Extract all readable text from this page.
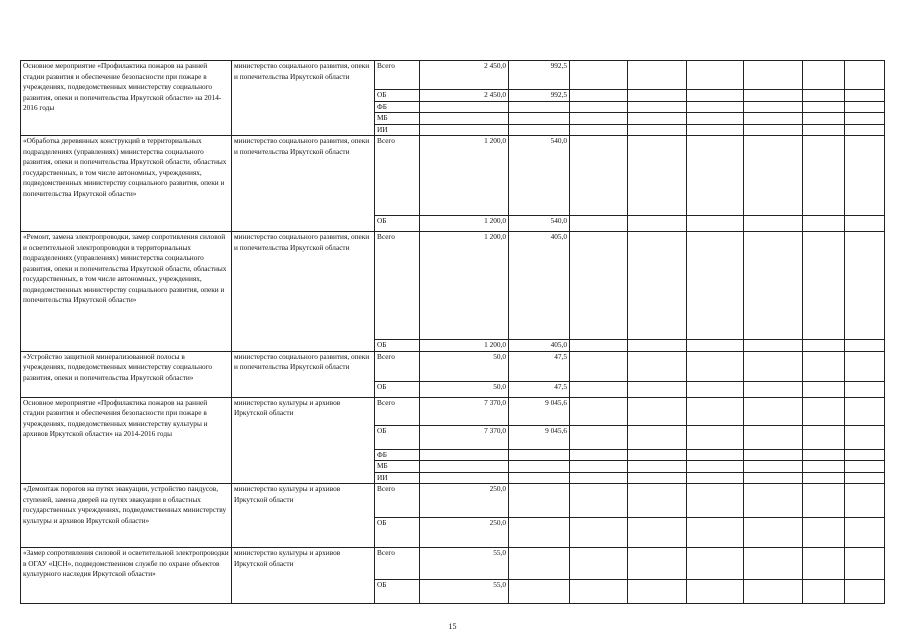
Основное мероприятие «Профилактика пожаров на ранней стадии развития и обеспечение безопасности при пожаре в учреждениях, подведомственных министерству социального развития, опеки и попечительства Иркутской области» на 2014-2016 годы	министерство социального развития, опеки и попечительства Иркутской области	Всего	2 450,0	992,5						
		ОБ	2 450,0	992,5						
		ФБ								
		МБ								
		ИИ								
«Обработка деревянных конструкций в территориальных подразделениях (управлениях) министерства социального развития, опеки и попечительства Иркутской области, областных государственных, в том числе автономных, учреждениях, подведомственных министерству социального развития, опеки и попечительства Иркутской области»	министерство социального развития, опеки и попечительства Иркутской области	Всего	1 200,0	540,0						
		ОБ	1 200,0	540,0						
«Ремонт, замена электропроводки, замер сопротивления силовой и осветительной электропроводки в территориальных подразделениях (управлениях) министерства социального развития, опеки и попечительства Иркутской области, областных государственных, в том числе автономных, учреждениях, подведомственных министерству социального развития, опеки и попечительства Иркутской области»	министерство социального развития, опеки и попечительства Иркутской области	Всего	1 200,0	405,0						
		ОБ	1 200,0	405,0						
«Устройство защитной минерализованной полосы в учреждениях, подведомственных министерству социального развития, опеки и попечительства Иркутской области»	министерство социального развития, опеки и попечительства Иркутской области	Всего	50,0	47,5						
		ОБ	50,0	47,5						
Основное мероприятие «Профилактика пожаров на ранней стадии развития и обеспечения безопасности при пожаре в учреждениях, подведомственных министерству культуры и архивов Иркутской области» на 2014-2016 годы	министерство культуры и архивов Иркутской области	Всего	7 370,0	9 045,6						
		ОБ	7 370,0	9 045,6						
		ФБ								
		МБ								
		ИИ								
«Демонтаж порогов на путях эвакуации, устройство пандусов, ступеней, замена дверей на путях эвакуации в областных государственных учреждениях, подведомственных министерству культуры и архивов Иркутской области»	министерство культуры и архивов Иркутской области	Всего	250,0							
		ОБ	250,0							
«Замер сопротивления силовой и осветительной электропроводки в ОГАУ «ЦСН», подведомственном службе по охране объектов культурного наследия Иркутской области»	министерство культуры и архивов Иркутской области	Всего	55,0							
		ОБ	55,0							
15
